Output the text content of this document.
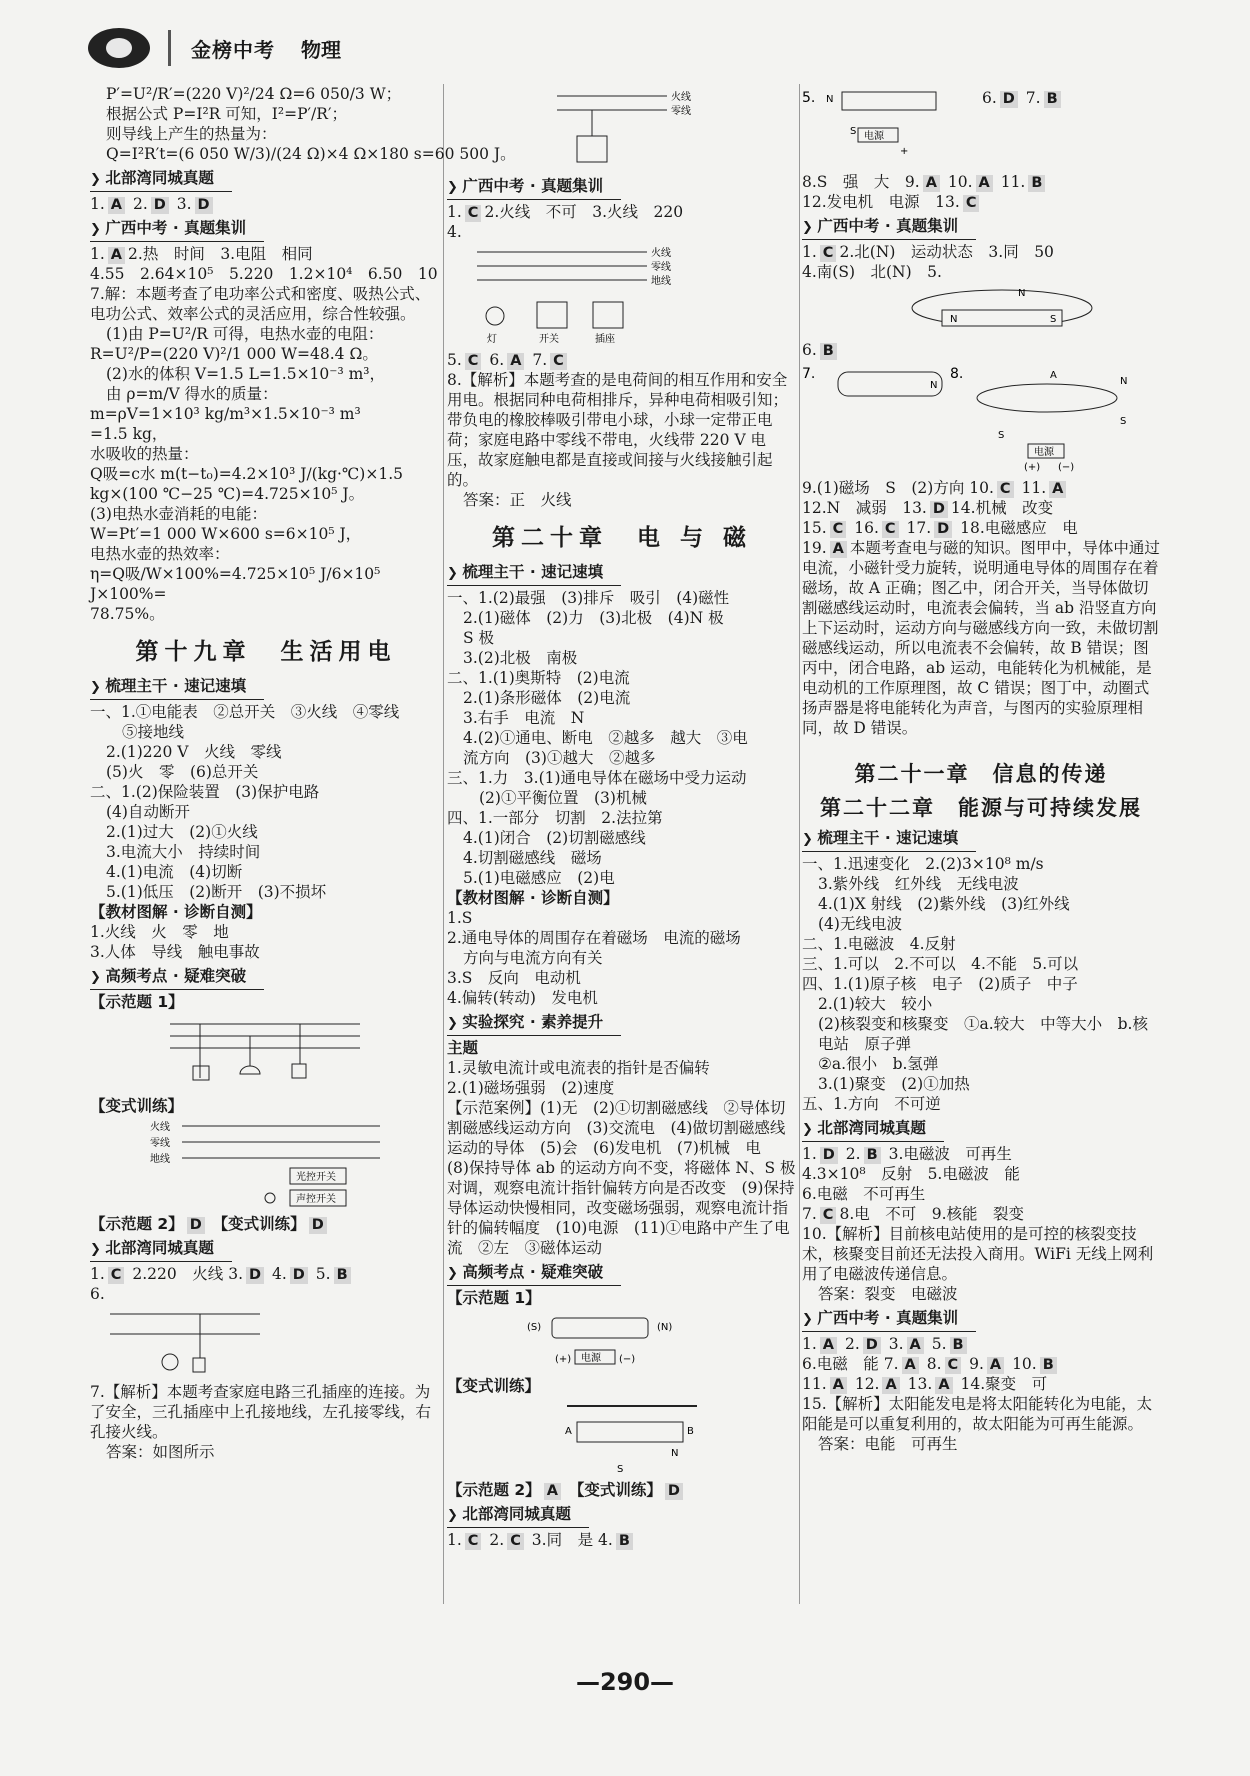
金榜中考 物理
P′=U²/R′=(220 V)²/24 Ω=6 050/3 W；
根据公式 P=I²R 可知，I²=P′/R′；
则导线上产生的热量为：
Q=I²R′t=(6 050 W/3)/(24 Ω)×4 Ω×180 s=60 500 J。
❯ 北部湾同城真题
1. A 2. D 3. D
❯ 广西中考 · 真题集训
1. A 2.热　时间　3.电阻　相同
4.55　2.64×10⁵　5.220　1.2×10⁴　6.50　10
7.解：本题考查了电功率公式和密度、吸热公式、电功公式、效率公式的灵活应用，综合性较强。
(1)由 P=U²/R 可得，电热水壶的电阻：
R=U²/P=(220 V)²/1 000 W=48.4 Ω。
(2)水的体积 V=1.5 L=1.5×10⁻³ m³，
由 ρ=m/V 得水的质量：
m=ρV=1×10³ kg/m³×1.5×10⁻³ m³
=1.5 kg，
水吸收的热量：
Q吸=c水 m(t−t₀)=4.2×10³ J/(kg·℃)×1.5 kg×(100 ℃−25 ℃)=4.725×10⁵ J。
(3)电热水壶消耗的电能：
W=Pt′=1 000 W×600 s=6×10⁵ J，
电热水壶的热效率：
η=Q吸/W×100%=4.725×10⁵ J/6×10⁵ J×100%=
78.75%。
第十九章　生活用电
❯ 梳理主干 · 速记速填
一、1.①电能表　②总开关　③火线　④零线
⑤接地线
2.(1)220 V　火线　零线
(5)火　零　(6)总开关
二、1.(2)保险装置　(3)保护电路
(4)自动断开
2.(1)过大　(2)①火线
3.电流大小　持续时间
4.(1)电流　(4)切断
5.(1)低压　(2)断开　(3)不损坏
【教材图解 · 诊断自测】
1.火线　火　零　地
3.人体　导线　触电事故
❯ 高频考点 · 疑难突破
【示范题 1】
【变式训练】
火线
零线
地线
光控开关
声控开关
【示范题 2】 D 【变式训练】 D
❯ 北部湾同城真题
1. C 2.220　火线 3. D 4. D 5. B
6.
7.【解析】本题考查家庭电路三孔插座的连接。为了安全，三孔插座中上孔接地线，左孔接零线，右孔接火线。
答案：如图所示
火线
零线
❯ 广西中考 · 真题集训
1. C 2.火线　不可　3.火线　220
4.
火线
零线
地线
灯	开关	插座
5. C 6. A 7. C
8.【解析】本题考查的是电荷间的相互作用和安全用电。根据同种电荷相排斥，异种电荷相吸引知；带负电的橡胶棒吸引带电小球，小球一定带正电荷；家庭电路中零线不带电，火线带 220 V 电压，故家庭触电都是直接或间接与火线接触引起的。
答案：正　火线
第二十章　电 与 磁
❯ 梳理主干 · 速记速填
一、1.(2)最强　(3)排斥　吸引　(4)磁性
2.(1)磁体　(2)力　(3)北极　(4)N 极
S 极
3.(2)北极　南极
二、1.(1)奥斯特　(2)电流
2.(1)条形磁体　(2)电流
3.右手　电流　N
4.(2)①通电、断电　②越多　越大　③电
流方向　(3)①越大　②越多
三、1.力　3.(1)通电导体在磁场中受力运动
(2)①平衡位置　(3)机械
四、1.一部分　切割　2.法拉第
4.(1)闭合　(2)切割磁感线
4.切割磁感线　磁场
5.(1)电磁感应　(2)电
【教材图解 · 诊断自测】
1.S
2.通电导体的周围存在着磁场　电流的磁场
方向与电流方向有关
3.S　反向　电动机
4.偏转(转动)　发电机
❯ 实验探究 · 素养提升
主题
1.灵敏电流计或电流表的指针是否偏转
2.(1)磁场强弱　(2)速度
【示范案例】(1)无　(2)①切割磁感线　②导体切割磁感线运动方向　(3)交流电　(4)做切割磁感线运动的导体　(5)会　(6)发电机　(7)机械　电　(8)保持导体 ab 的运动方向不变，将磁体 N、S 极对调，观察电流计指针偏转方向是否改变　(9)保持导体运动快慢相同，改变磁场强弱，观察电流计指针的偏转幅度　(10)电源　(11)①电路中产生了电流　②左　③磁体运动
❯ 高频考点 · 疑难突破
【示范题 1】
(S)	(N)
电源
(+)	(−)
【变式训练】
A	B
N
S
【示范题 2】 A 【变式训练】 D
❯ 北部湾同城真题
1. C 2. C 3.同　是 4. B
5. N
电源
S
+
6. D 7. B
8.S　强　大　9. A 10. A 11. B
12.发电机　电源　13. C
❯ 广西中考 · 真题集训
1. C 2.北(N)　运动状态　3.同　50
4.南(S)　北(N)　5.
N	S
N
6. B
7.
N
8.	A
N
S
S
电源
(+) (−)
9.(1)磁场　S　(2)方向 10. C 11. A
12.N　减弱　13. D 14.机械　改变
15. C 16. C 17. D 18.电磁感应　电
19. A 本题考查电与磁的知识。图甲中，导体中通过电流，小磁针受力旋转，说明通电导体的周围存在着磁场，故 A 正确；图乙中，闭合开关，当导体做切割磁感线运动时，电流表会偏转，当 ab 沿竖直方向上下运动时，运动方向与磁感线方向一致，未做切割磁感线运动，所以电流表不会偏转，故 B 错误；图丙中，闭合电路，ab 运动，电能转化为机械能，是电动机的工作原理图，故 C 错误；图丁中，动圈式扬声器是将电能转化为声音，与图丙的实验原理相同，故 D 错误。
第二十一章　信息的传递
第二十二章　能源与可持续发展
❯ 梳理主干 · 速记速填
一、1.迅速变化　2.(2)3×10⁸ m/s
3.紫外线　红外线　无线电波
4.(1)X 射线　(2)紫外线　(3)红外线
(4)无线电波
二、1.电磁波　4.反射
三、1.可以　2.不可以　4.不能　5.可以
四、1.(1)原子核　电子　(2)质子　中子
2.(1)较大　较小
(2)核裂变和核聚变　①a.较大　中等大小　b.核电站　原子弹
②a.很小　b.氢弹
3.(1)聚变　(2)①加热
五、1.方向　不可逆
❯ 北部湾同城真题
1. D 2. B 3.电磁波　可再生
4.3×10⁸　反射　5.电磁波　能
6.电磁　不可再生
7. C 8.电　不可　9.核能　裂变
10.【解析】目前核电站使用的是可控的核裂变技术，核聚变目前还无法投入商用。WiFi 无线上网利用了电磁波传递信息。
答案：裂变　电磁波
❯ 广西中考 · 真题集训
1. A 2. D 3. A 5. B
6.电磁　能 7. A 8. C 9. A 10. B
11. A 12. A 13. A 14.聚变　可
15.【解析】太阳能发电是将太阳能转化为电能，太阳能是可以重复利用的，故太阳能为可再生能源。
答案：电能　可再生
—290—
